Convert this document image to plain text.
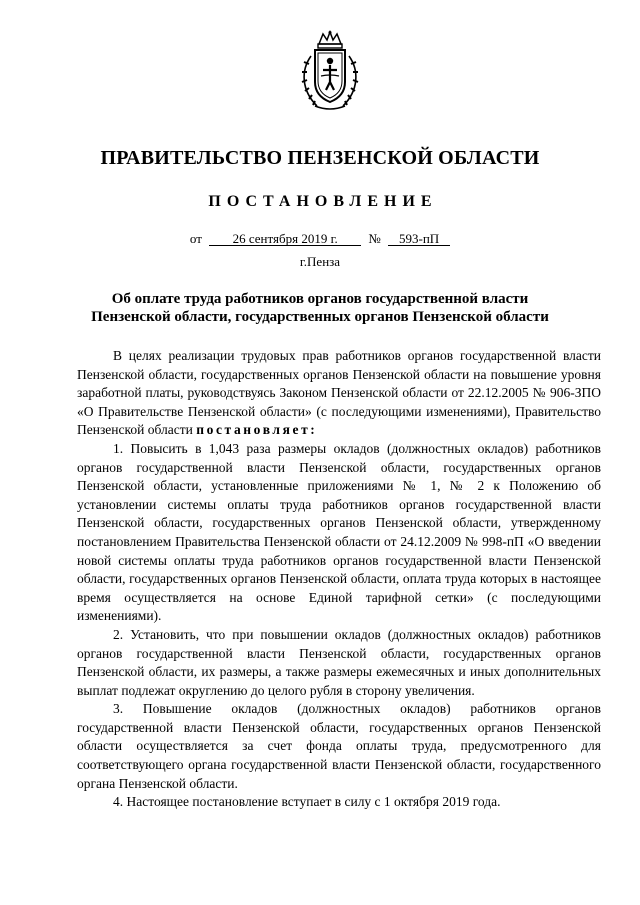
ПРАВИТЕЛЬСТВО ПЕНЗЕНСКОЙ ОБЛАСТИ
ПОСТАНОВЛЕНИЕ
от 26 сентября 2019 г. № 593-пП
г.Пенза
Об оплате труда работников органов государственной власти
Пензенской области, государственных органов Пензенской области

В целях реализации трудовых прав работников органов государственной власти Пензенской области, государственных органов Пензенской области на повышение уровня заработной платы, руководствуясь Законом Пензенской области от 22.12.2005 № 906-ЗПО «О Правительстве Пензенской области» (с последующими изменениями), Правительство Пензенской области постановляет:

1. Повысить в 1,043 раза размеры окладов (должностных окладов) работников органов государственной власти Пензенской области, государственных органов Пензенской области, установленные приложениями № 1, № 2 к Положению об установлении системы оплаты труда работников органов государственной власти Пензенской области, государственных органов Пензенской области, утвержденному постановлением Правительства Пензенской области от 24.12.2009 № 998-пП «О введении новой системы оплаты труда работников органов государственной власти Пензенской области, государственных органов Пензенской области, оплата труда которых в настоящее время осуществляется на основе Единой тарифной сетки» (с последующими изменениями).

2. Установить, что при повышении окладов (должностных окладов) работников органов государственной власти Пензенской области, государственных органов Пензенской области, их размеры, а также размеры ежемесячных и иных дополнительных выплат подлежат округлению до целого рубля в сторону увеличения.

3. Повышение окладов (должностных окладов) работников органов государственной власти Пензенской области, государственных органов Пензенской области осуществляется за счет фонда оплаты труда, предусмотренного для соответствующего органа государственной власти Пензенской области, государственного органа Пензенской области.

4. Настоящее постановление вступает в силу с 1 октября 2019 года.
